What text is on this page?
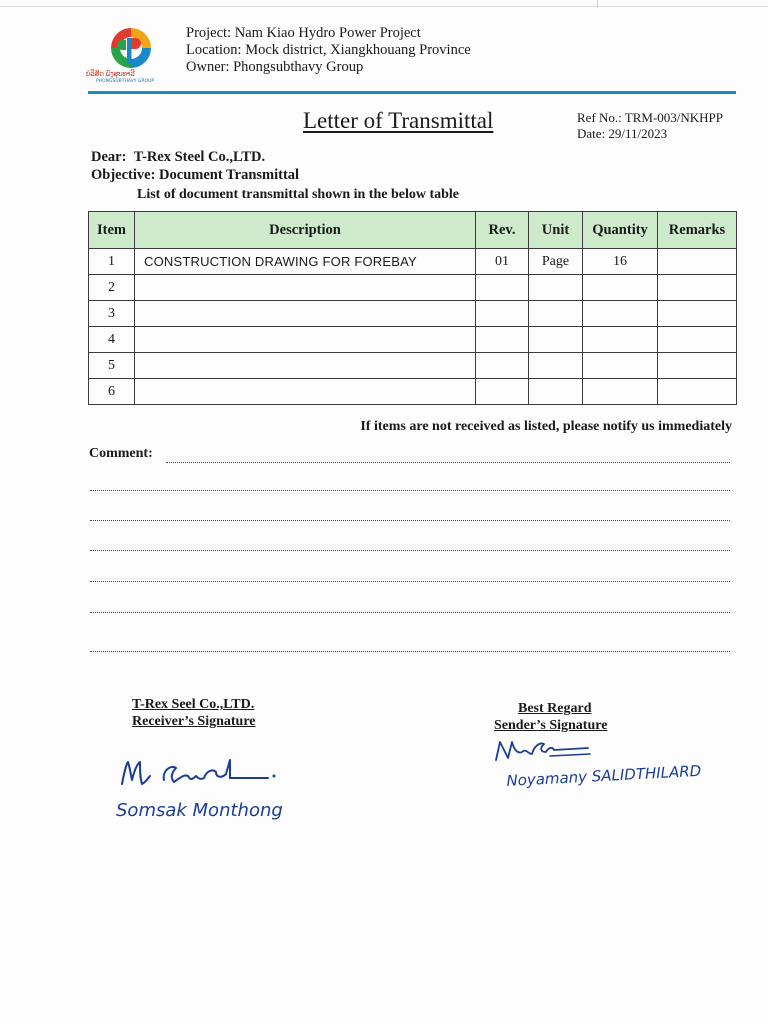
ບໍລິສັດ ພົງສຸບທາວີ
PHONGSUBTHAVY GROUP
Project: Nam Kiao Hydro Power Project
Location: Mock district, Xiangkhouang Province
Owner: Phongsubthavy Group
Letter of Transmittal	Ref No.: TRM-003/NKHPP
Date: 29/11/2023
Dear: T-Rex Steel Co.,LTD.
Objective: Document Transmittal
List of document transmittal shown in the below table
Item	Description	Rev.	Unit	Quantity	Remarks
1	CONSTRUCTION DRAWING FOR FOREBAY	01	Page	16	
2					
3					
4					
5					
6					
If items are not received as listed, please notify us immediately
Comment:
T-Rex Seel Co.,LTD.
Receiver’s Signature
Somsak Monthong
Best Regard
Sender’s Signature
Noyamany SALIDTHILARD
